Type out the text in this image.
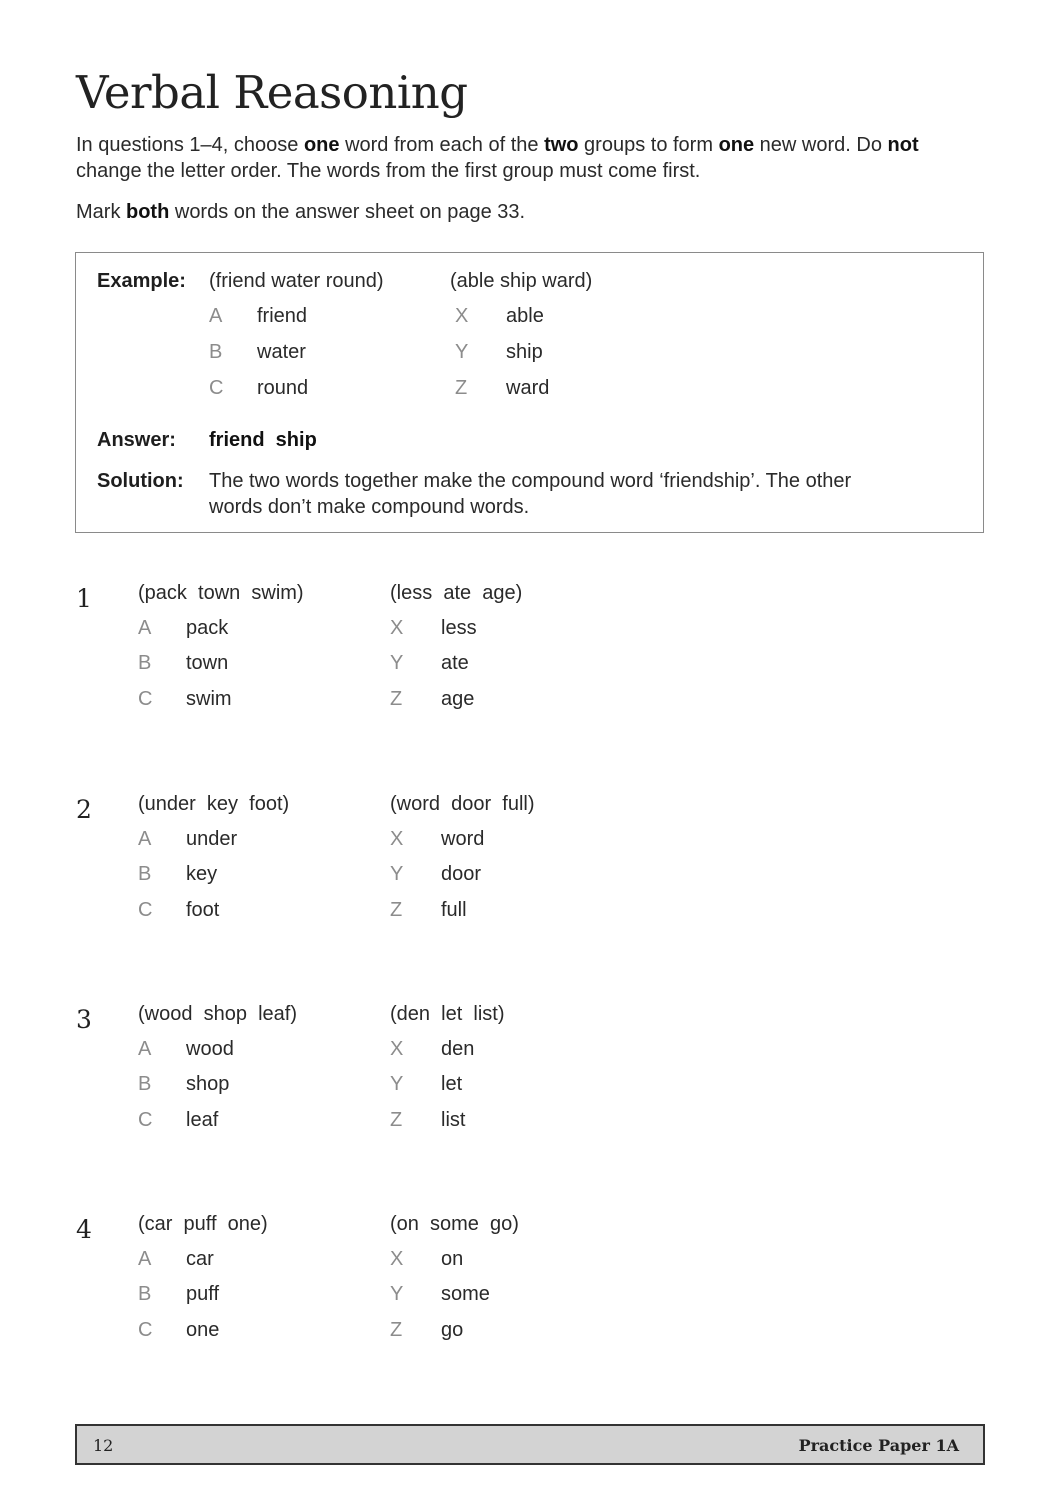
Verbal Reasoning

In questions 1–4, choose one word from each of the two groups to form one new word. Do not change the letter order. The words from the first group must come first.

Mark both words on the answer sheet on page 33.

Example: (friend water round)	(able ship ward)
A friend
B water
C round
X able
Y ship
Z ward
Answer: friend  ship
Solution: The two words together make the compound word ‘friendship’. The other
words don’t make compound words.
1 (pack  town  swim)	(less  ate  age)
A pack
B town
C swim
X less
Y ate
Z age
2 (under  key  foot)	(word  door  full)
A under
B key
C foot
X word
Y door
Z full
3 (wood  shop  leaf)	(den  let  list)
A wood
B shop
C leaf
X den
Y let
Z list
4 (car  puff  one)	(on  some  go)
A car
B puff
C one
X on
Y some
Z go
12	Practice Paper 1A
